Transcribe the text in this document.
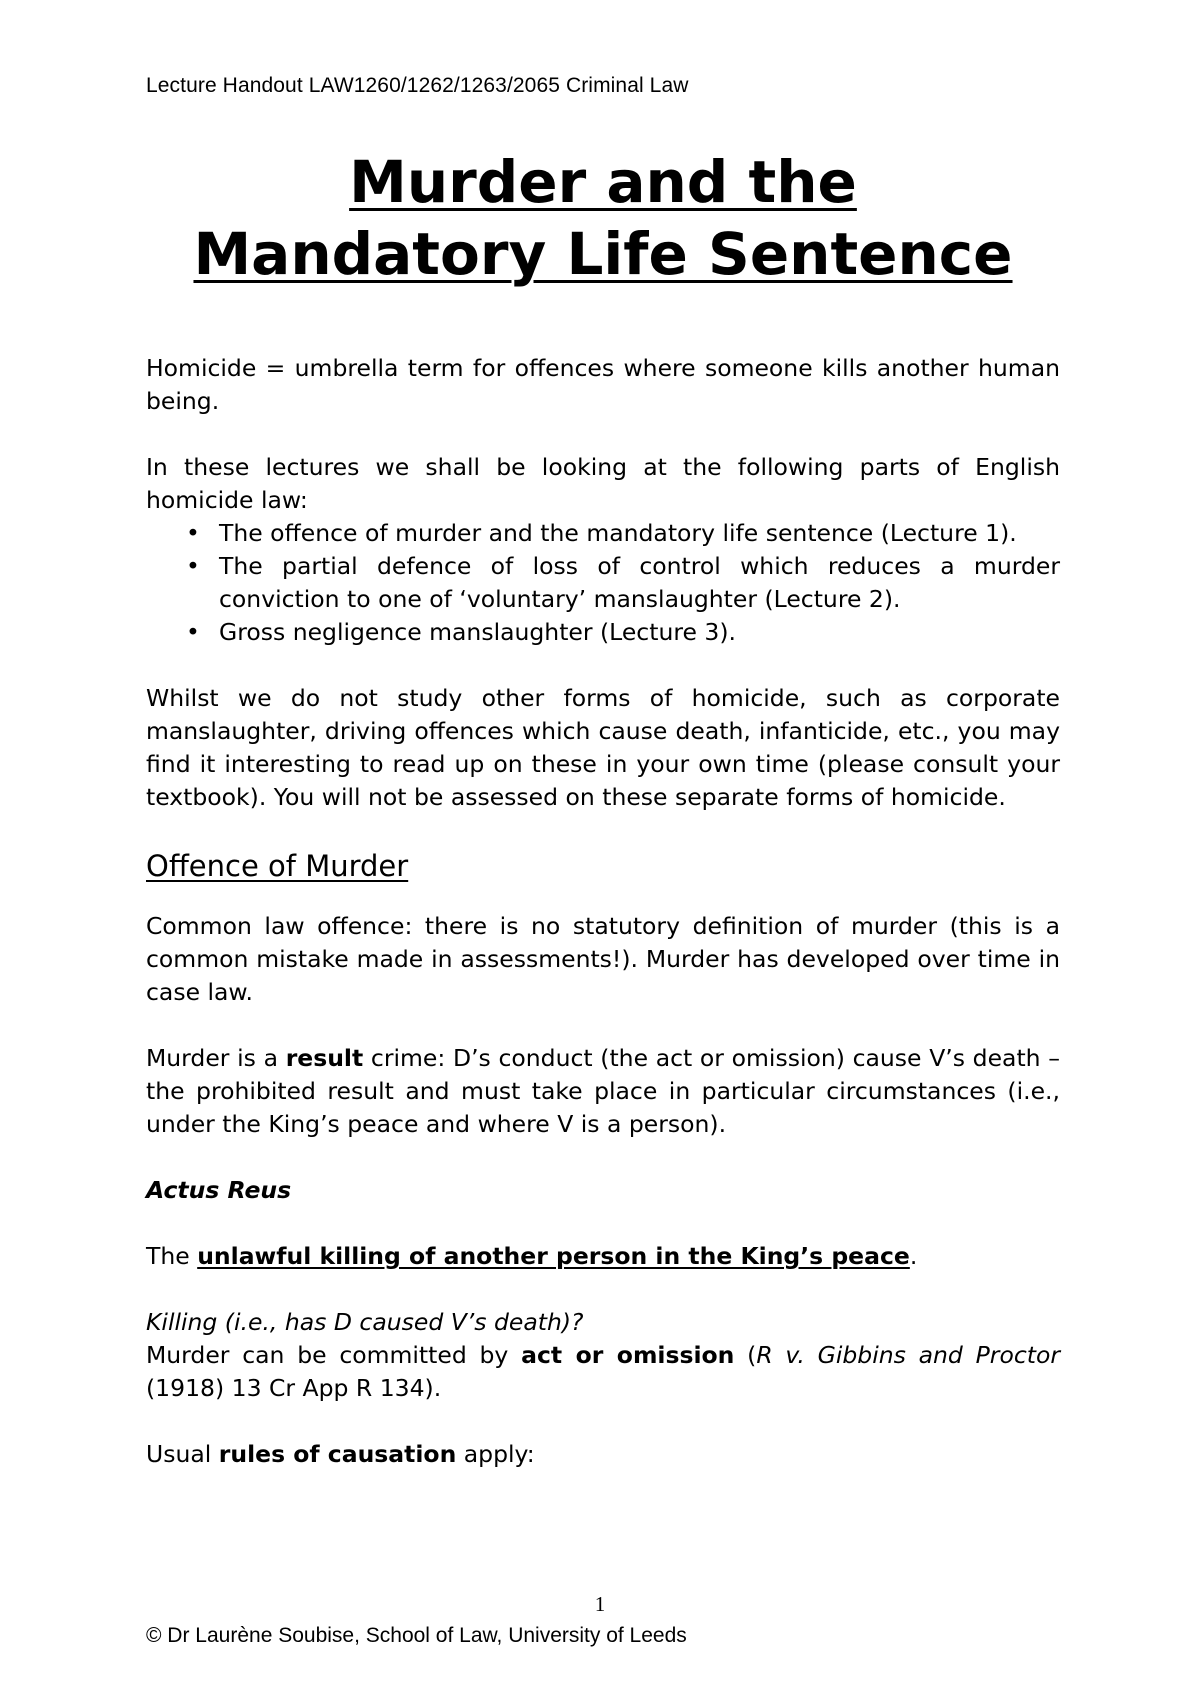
Lecture Handout LAW1260/1262/1263/2065 Criminal Law
Murder and the
Mandatory Life Sentence

Homicide = umbrella term for offences where someone kills another human being.

In these lectures we shall be looking at the following parts of English homicide law:

• The offence of murder and the mandatory life sentence (Lecture 1).
• The partial defence of loss of control which reduces a murder conviction to one of ‘voluntary’ manslaughter (Lecture 2).
• Gross negligence manslaughter (Lecture 3).

Whilst we do not study other forms of homicide, such as corporate manslaughter, driving offences which cause death, infanticide, etc., you may find it interesting to read up on these in your own time (please consult your textbook). You will not be assessed on these separate forms of homicide.

Offence of Murder

Common law offence: there is no statutory definition of murder (this is a common mistake made in assessments!). Murder has developed over time in case law.

Murder is a result crime: D’s conduct (the act or omission) cause V’s death – the prohibited result and must take place in particular circumstances (i.e., under the King’s peace and where V is a person).

Actus Reus

The unlawful killing of another person in the King’s peace.

Killing (i.e., has D caused V’s death)?

Murder can be committed by act or omission (R v. Gibbins and Proctor (1918) 13 Cr App R 134).

Usual rules of causation apply:

1
© Dr Laurène Soubise, School of Law, University of Leeds
